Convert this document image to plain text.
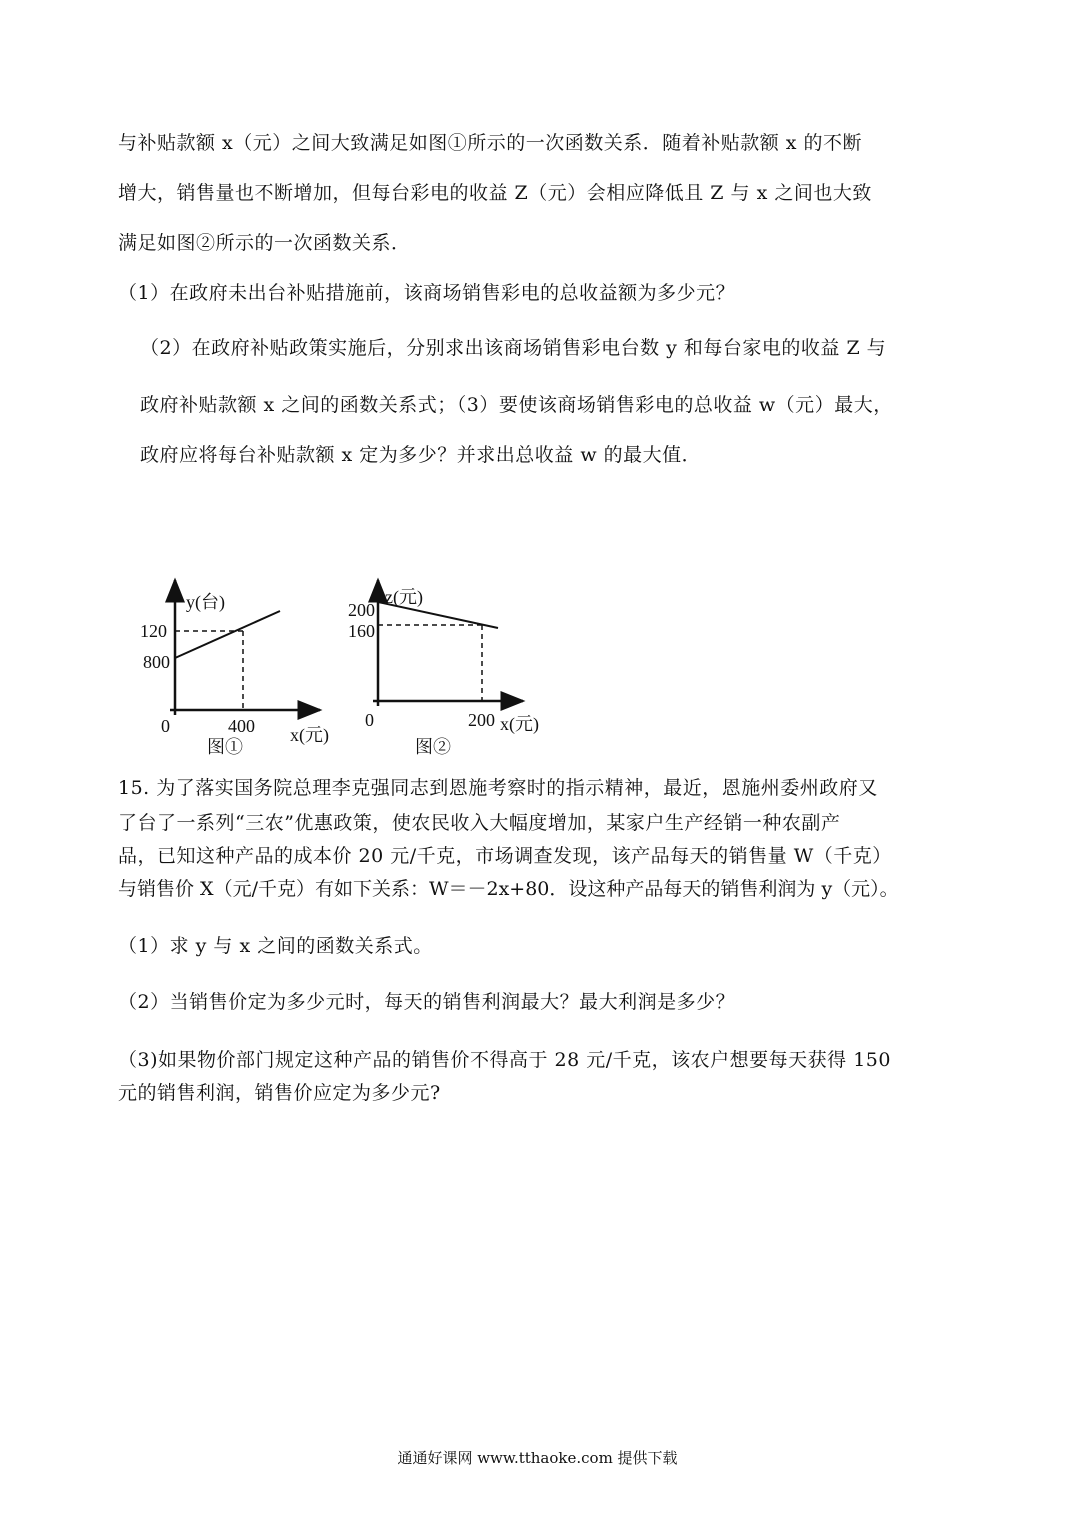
与补贴款额 x（元）之间大致满足如图①所示的一次函数关系．随着补贴款额 x 的不断
增大，销售量也不断增加，但每台彩电的收益 Z（元）会相应降低且 Z 与 x 之间也大致
满足如图②所示的一次函数关系．
（1）在政府未出台补贴措施前，该商场销售彩电的总收益额为多少元？
（2）在政府补贴政策实施后，分别求出该商场销售彩电台数 y 和每台家电的收益 Z 与
政府补贴款额 x 之间的函数关系式；（3）要使该商场销售彩电的总收益 w（元）最大，
政府应将每台补贴款额 x 定为多少？并求出总收益 w 的最大值．
y(台)
120
800
0	400 x(元)
图①
z(元)
200
160
0	200 x(元)
图②
15. 为了落实国务院总理李克强同志到恩施考察时的指示精神，最近，恩施州委州政府又
了台了一系列“三农”优惠政策，使农民收入大幅度增加，某家户生产经销一种农副产
品，已知这种产品的成本价 20 元/千克，市场调查发现，该产品每天的销售量 W（千克）
与销售价 X（元/千克）有如下关系：W＝－2x+80．设这种产品每天的销售利润为 y（元）。
（1）求 y 与 x 之间的函数关系式。
（2）当销售价定为多少元时，每天的销售利润最大？最大利润是多少？
（3)如果物价部门规定这种产品的销售价不得高于 28 元/千克，该农户想要每天获得 150
元的销售利润，销售价应定为多少元?
通通好课网 www.tthaoke.com 提供下载
